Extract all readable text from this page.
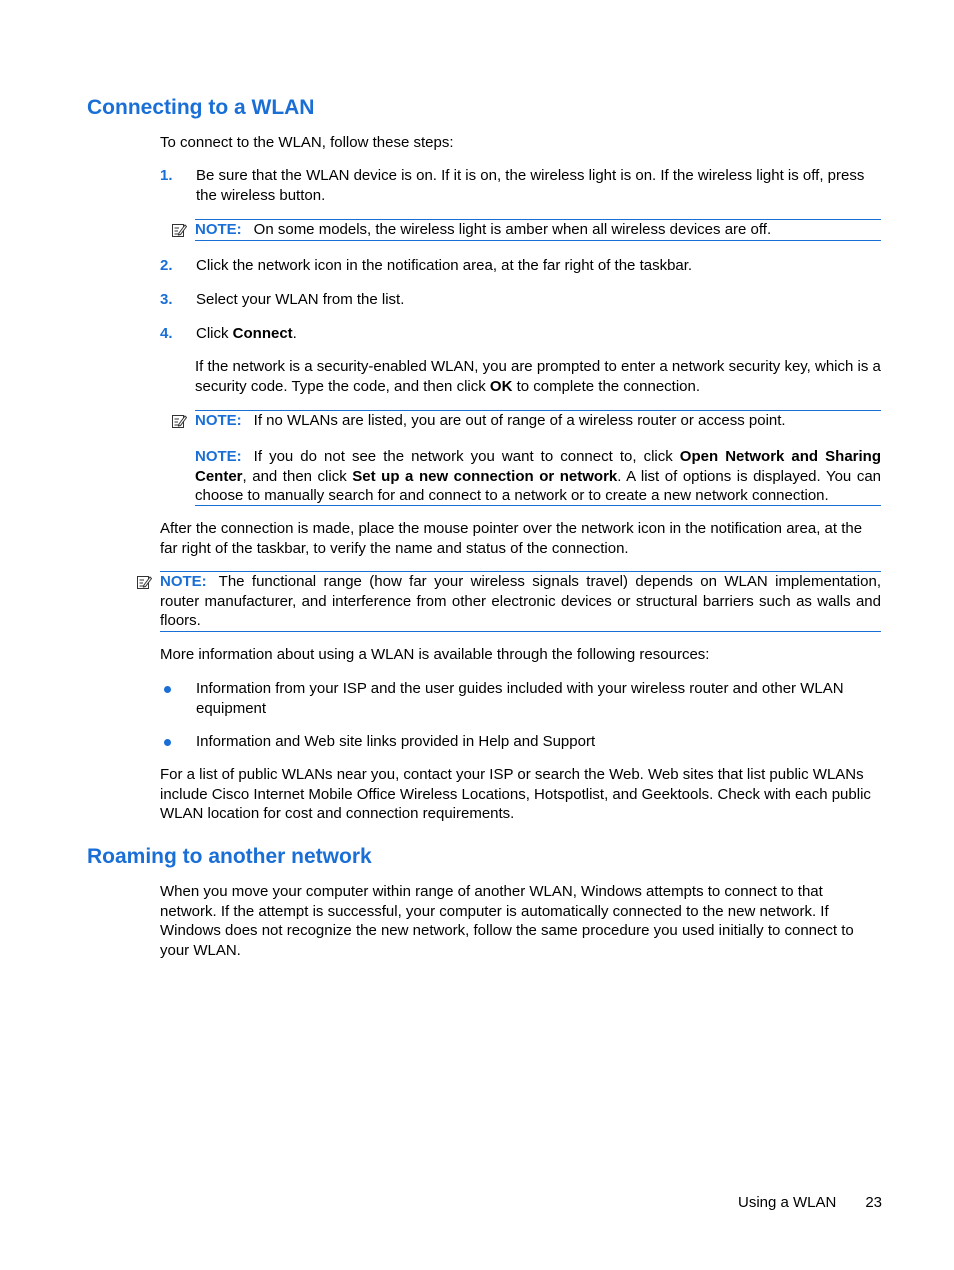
Connecting to a WLAN

To connect to the WLAN, follow these steps:

1. Be sure that the WLAN device is on. If it is on, the wireless light is on. If the wireless light is off, press the wireless button.
NOTE: On some models, the wireless light is amber when all wireless devices are off.
2. Click the network icon in the notification area, at the far right of the taskbar.
3. Select your WLAN from the list.
4. Click Connect.

If the network is a security-enabled WLAN, you are prompted to enter a network security key, which is a security code. Type the code, and then click OK to complete the connection.

NOTE: If no WLANs are listed, you are out of range of a wireless router or access point.
NOTE: If you do not see the network you want to connect to, click Open Network and Sharing Center, and then click Set up a new connection or network. A list of options is displayed. You can choose to manually search for and connect to a network or to create a new network connection.

After the connection is made, place the mouse pointer over the network icon in the notification area, at the far right of the taskbar, to verify the name and status of the connection.

NOTE: The functional range (how far your wireless signals travel) depends on WLAN implementation, router manufacturer, and interference from other electronic devices or structural barriers such as walls and floors.

More information about using a WLAN is available through the following resources:

Information from your ISP and the user guides included with your wireless router and other WLAN equipment
Information and Web site links provided in Help and Support

For a list of public WLANs near you, contact your ISP or search the Web. Web sites that list public WLANs include Cisco Internet Mobile Office Wireless Locations, Hotspotlist, and Geektools. Check with each public WLAN location for cost and connection requirements.

Roaming to another network

When you move your computer within range of another WLAN, Windows attempts to connect to that network. If the attempt is successful, your computer is automatically connected to the new network. If Windows does not recognize the new network, follow the same procedure you used initially to connect to your WLAN.

Using a WLAN 23
